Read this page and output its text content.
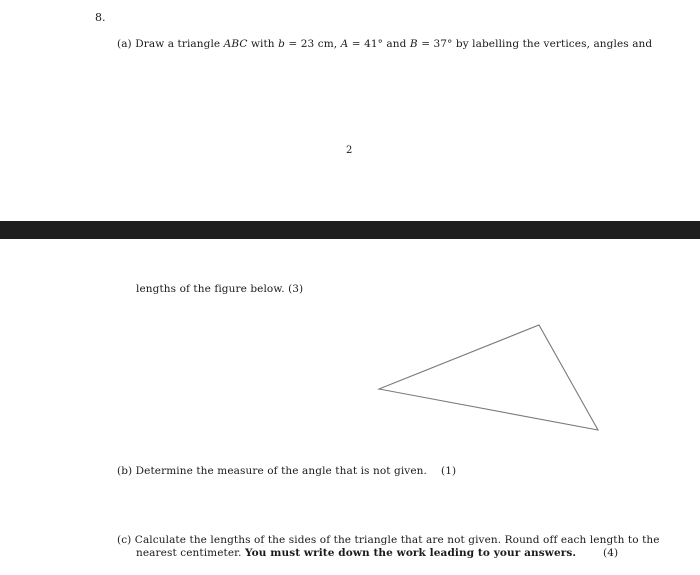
8.
(a) Draw a triangle ABC with b = 23 cm, A = 41° and B = 37° by labelling the vertices, angles and
2
lengths of the figure below. (3)
(b) Determine the measure of the angle that is not given. (1)
(c) Calculate the lengths of the sides of the triangle that are not given. Round off each length to the
nearest centimeter. You must write down the work leading to your answers.	(4)
